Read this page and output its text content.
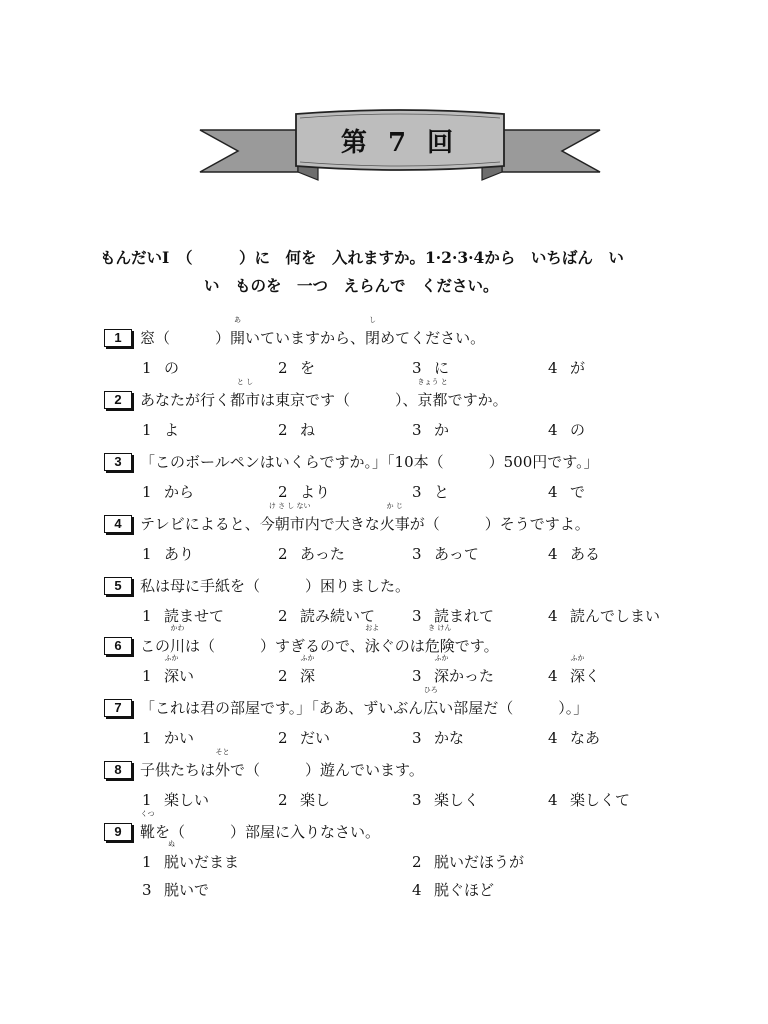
第 7 回
もんだいⅠ　（　　　）に　何を　入れますか。1·2·3·4から　いちばん　い
い　ものを　一つ　えらんで　ください。
1	窓（　　　）開
あ
いていますから、閉
し
めてください。
1 の	2 を	3 に	4 が
2	あなたが行く都市
と し
は東京です（　　　）、京都
きょう と
ですか。
1 よ	2 ね	3 か	4 の
3	「このボールペンはいくらですか。」「10本（　　　）500円です。」
1 から	2 より	3 と	4 で
4	テレビによると、今朝市内
け さ し ない
で大きな火事
か じ
が（　　　）そうですよ。
1 あり	2 あった	3 あって	4 ある
5	私は母に手紙を（　　　）困りました。
1 読ませて	2 読み続いて 3 読まれて	4 読んでしまい
6	この川
かわ
は（　　　）すぎるので、泳
およ
ぐのは危険
き けん
です。
1 深
ふか
い	2 深
ふか
3 深
ふか
かった	4 深
ふか
く
7	「これは君の部屋です。」「ああ、ずいぶん広
ひろ
い部屋だ（　　　）。」
1 かい	2 だい	3 かな	4 なあ
8	子供たちは外
そと
で（　　　）遊んでいます。
1 楽しい	2 楽し	3 楽しく	4 楽しくて
9	靴
くつ
を（　　　）部屋に入りなさい。
1 脱
ぬ
いだまま	2 脱いだほうが
3 脱いで	4 脱ぐほど
